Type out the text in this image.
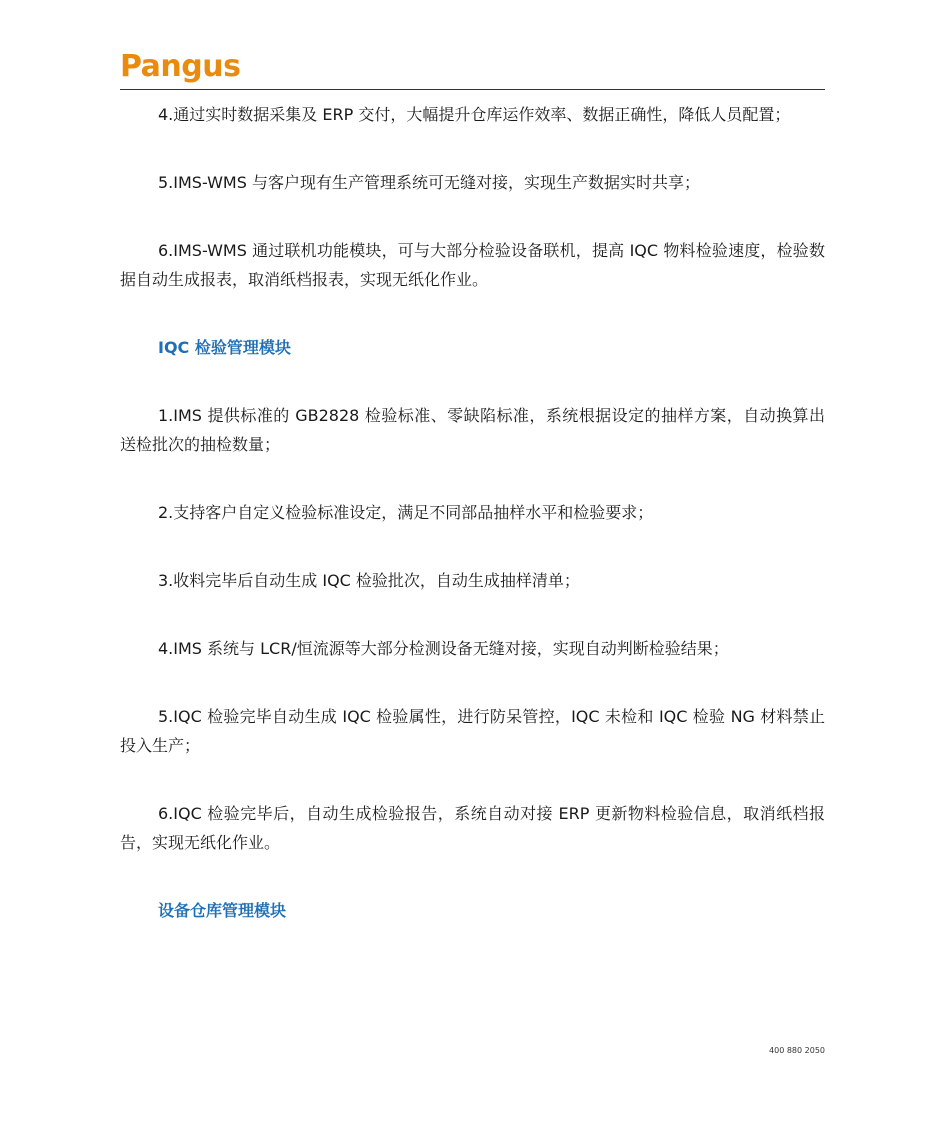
Pangus

4.通过实时数据采集及 ERP 交付，大幅提升仓库运作效率、数据正确性，降低人员配置；

5.IMS-WMS 与客户现有生产管理系统可无缝对接，实现生产数据实时共享；

6.IMS-WMS 通过联机功能模块，可与大部分检验设备联机，提高 IQC 物料检验速度，检验数据自动生成报表，取消纸档报表，实现无纸化作业。

IQC 检验管理模块

1.IMS 提供标准的 GB2828 检验标准、零缺陷标准，系统根据设定的抽样方案，自动换算出送检批次的抽检数量；

2.支持客户自定义检验标准设定，满足不同部品抽样水平和检验要求；

3.收料完毕后自动生成 IQC 检验批次，自动生成抽样清单；

4.IMS 系统与 LCR/恒流源等大部分检测设备无缝对接，实现自动判断检验结果；

5.IQC 检验完毕自动生成 IQC 检验属性，进行防呆管控，IQC 未检和 IQC 检验 NG 材料禁止投入生产；

6.IQC 检验完毕后，自动生成检验报告，系统自动对接 ERP 更新物料检验信息，取消纸档报告，实现无纸化作业。

设备仓库管理模块
400 880 2050
